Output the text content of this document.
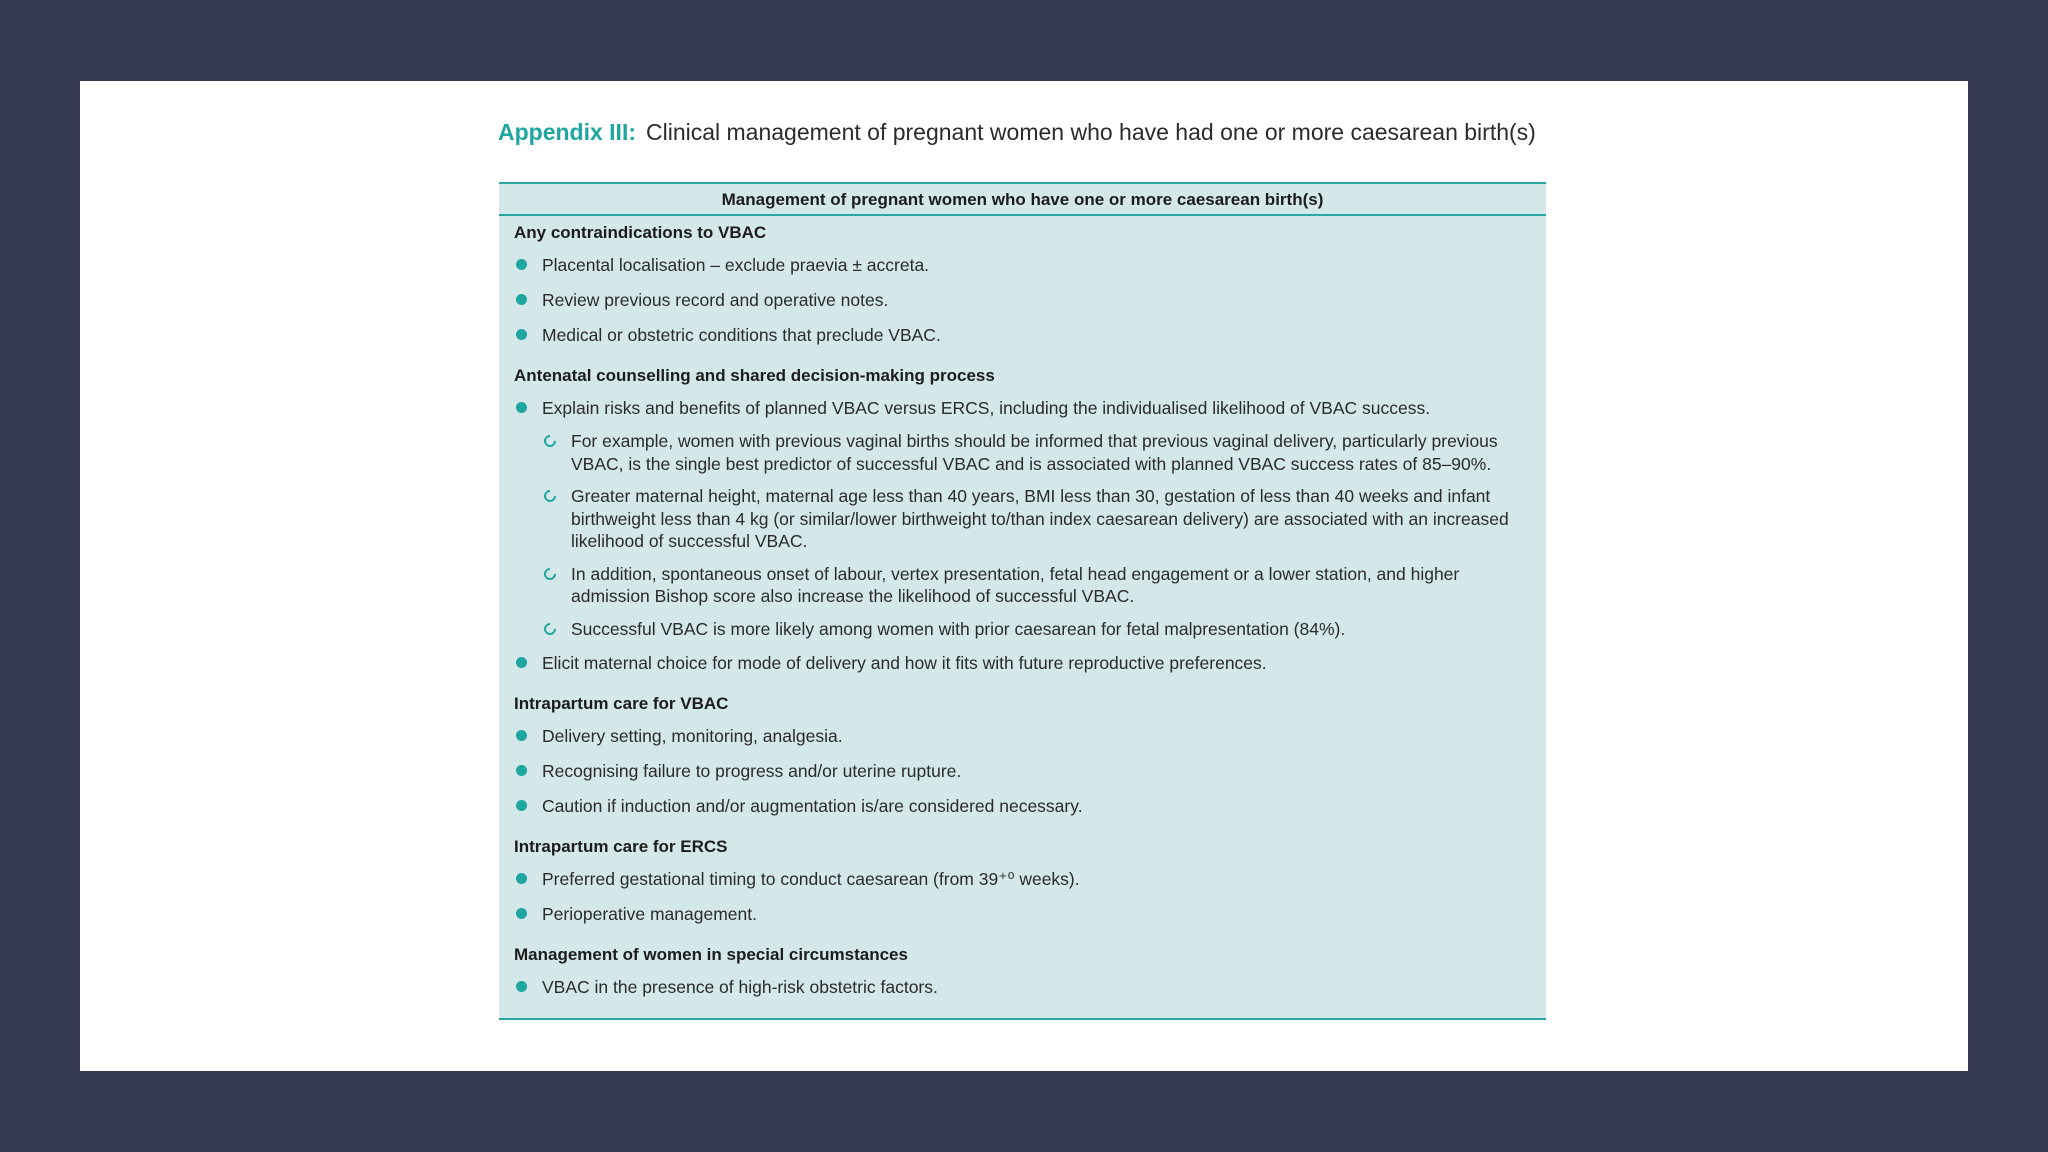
Appendix III: Clinical management of pregnant women who have had one or more caesarean birth(s)
Management of pregnant women who have one or more caesarean birth(s)
Any contraindications to VBAC
Placental localisation – exclude praevia ± accreta.
Review previous record and operative notes.
Medical or obstetric conditions that preclude VBAC.
Antenatal counselling and shared decision-making process
Explain risks and benefits of planned VBAC versus ERCS, including the individualised likelihood of VBAC success.
For example, women with previous vaginal births should be informed that previous vaginal delivery, particularly previous VBAC, is the single best predictor of successful VBAC and is associated with planned VBAC success rates of 85–90%.
Greater maternal height, maternal age less than 40 years, BMI less than 30, gestation of less than 40 weeks and infant birthweight less than 4 kg (or similar/lower birthweight to/than index caesarean delivery) are associated with an increased likelihood of successful VBAC.
In addition, spontaneous onset of labour, vertex presentation, fetal head engagement or a lower station, and higher admission Bishop score also increase the likelihood of successful VBAC.
Successful VBAC is more likely among women with prior caesarean for fetal malpresentation (84%).
Elicit maternal choice for mode of delivery and how it fits with future reproductive preferences.
Intrapartum care for VBAC
Delivery setting, monitoring, analgesia.
Recognising failure to progress and/or uterine rupture.
Caution if induction and/or augmentation is/are considered necessary.
Intrapartum care for ERCS
Preferred gestational timing to conduct caesarean (from 39⁺⁰ weeks).
Perioperative management.
Management of women in special circumstances
VBAC in the presence of high-risk obstetric factors.
